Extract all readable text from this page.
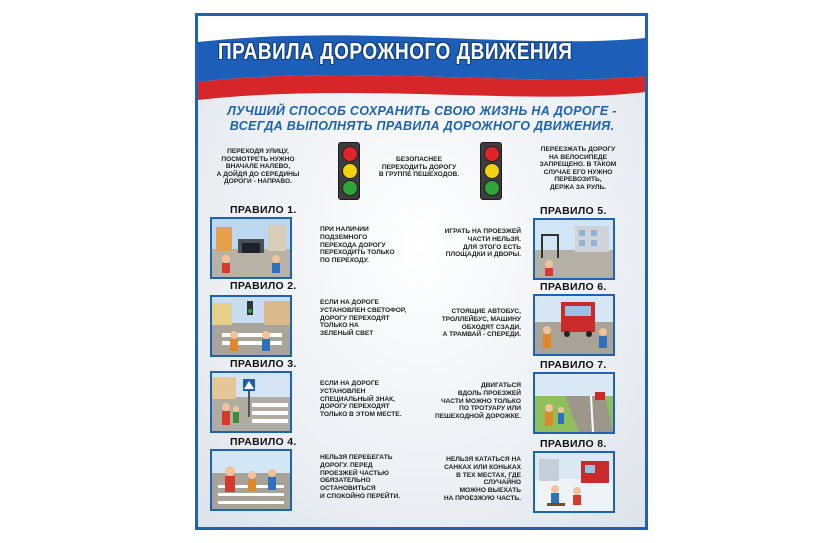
ПРАВИЛА ДОРОЖНОГО ДВИЖЕНИЯ
ЛУЧШИЙ СПОСОБ СОХРАНИТЬ СВОЮ ЖИЗНЬ НА ДОРОГЕ -
ВСЕГДА ВЫПОЛНЯТЬ ПРАВИЛА ДОРОЖНОГО ДВИЖЕНИЯ.
ПЕРЕХОДЯ УЛИЦУ,
ПОСМОТРЕТЬ НУЖНО
ВНАЧАЛЕ НАЛЕВО,
А ДОЙДЯ ДО СЕРЕДИНЫ
ДОРОГИ - НАПРАВО.
БЕЗОПАСНЕЕ
ПЕРЕХОДИТЬ ДОРОГУ
В ГРУППЕ ПЕШЕХОДОВ.
ПЕРЕЕЗЖАТЬ ДОРОГУ
НА ВЕЛОСИПЕДЕ
ЗАПРЕЩЕНО. В ТАКОМ
СЛУЧАЕ ЕГО НУЖНО
ПЕРЕВОЗИТЬ,
ДЕРЖА ЗА РУЛЬ.
ПРАВИЛО 1.
ПРИ НАЛИЧИИ
ПОДЗЕМНОГО
ПЕРЕХОДА ДОРОГУ
ПЕРЕХОДИТЬ ТОЛЬКО
ПО ПЕРЕХОДУ.
ПРАВИЛО 2.
ЕСЛИ НА ДОРОГЕ
УСТАНОВЛЕН СВЕТОФОР,
ДОРОГУ ПЕРЕХОДЯТ
ТОЛЬКО НА
ЗЕЛЕНЫЙ СВЕТ
ПРАВИЛО 3.
ЕСЛИ НА ДОРОГЕ
УСТАНОВЛЕН
СПЕЦИАЛЬНЫЙ ЗНАК,
ДОРОГУ ПЕРЕХОДЯТ
ТОЛЬКО В ЭТОМ МЕСТЕ.
ПРАВИЛО 4.
НЕЛЬЗЯ ПЕРЕБЕГАТЬ
ДОРОГУ. ПЕРЕД
ПРОЕЗЖЕЙ ЧАСТЬЮ
ОБЯЗАТЕЛЬНО
ОСТАНОВИТЬСЯ
И СПОКОЙНО ПЕРЕЙТИ.
ПРАВИЛО 5.
ИГРАТЬ НА ПРОЕЗЖЕЙ
ЧАСТИ НЕЛЬЗЯ.
ДЛЯ ЭТОГО ЕСТЬ
ПЛОЩАДКИ И ДВОРЫ.
ПРАВИЛО 6.
СТОЯЩИЕ АВТОБУС,
ТРОЛЛЕЙБУС, МАШИНУ
ОБХОДЯТ СЗАДИ,
А ТРАМВАЙ - СПЕРЕДИ.
ПРАВИЛО 7.
ДВИГАТЬСЯ
ВДОЛЬ ПРОЕЗЖЕЙ
ЧАСТИ МОЖНО ТОЛЬКО
ПО ТРОТУАРУ ИЛИ
ПЕШЕХОДНОЙ ДОРОЖКЕ.
ПРАВИЛО 8.
НЕЛЬЗЯ КАТАТЬСЯ НА
САНКАХ ИЛИ КОНЬКАХ
В ТЕХ МЕСТАХ, ГДЕ
СЛУЧАЙНО
МОЖНО ВЫЕХАТЬ
НА ПРОЕЗЖУЮ ЧАСТЬ.
